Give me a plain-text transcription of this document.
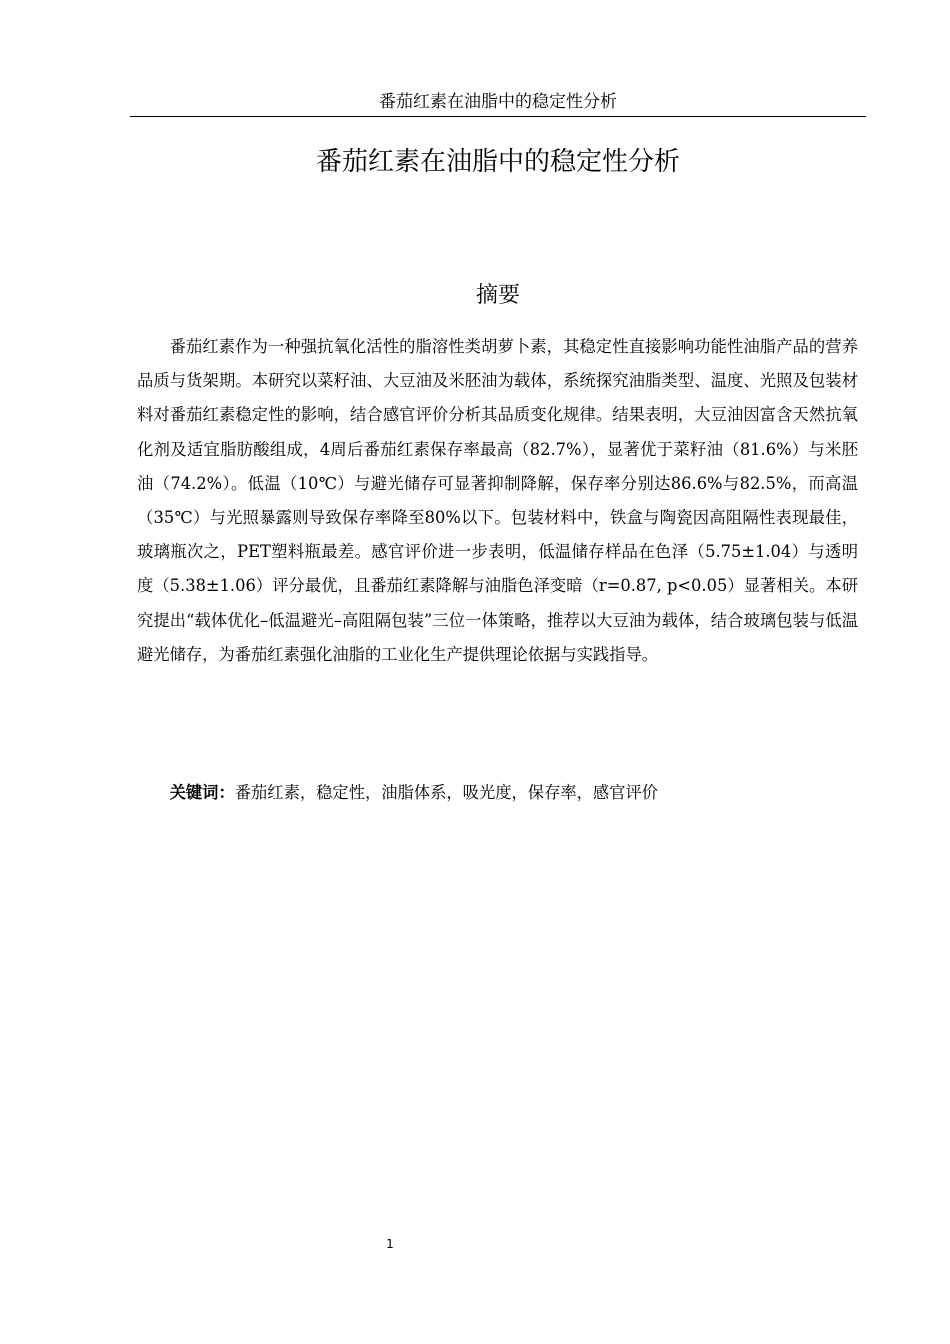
番茄红素在油脂中的稳定性分析
番茄红素在油脂中的稳定性分析
摘要

番茄红素作为一种强抗氧化活性的脂溶性类胡萝卜素，其稳定性直接影响功能性油脂产品的营养品质与货架期。本研究以菜籽油、大豆油及米胚油为载体，系统探究油脂类型、温度、光照及包装材料对番茄红素稳定性的影响，结合感官评价分析其品质变化规律。结果表明，大豆油因富含天然抗氧化剂及适宜脂肪酸组成，4周后番茄红素保存率最高（82.7%），显著优于菜籽油（81.6%）与米胚油（74.2%）。低温（10℃）与避光储存可显著抑制降解，保存率分别达86.6%与82.5%，而高温（35℃）与光照暴露则导致保存率降至80%以下。包装材料中，铁盒与陶瓷因高阻隔性表现最佳，玻璃瓶次之，PET塑料瓶最差。感官评价进一步表明，低温储存样品在色泽（5.75±1.04）与透明度（5.38±1.06）评分最优，且番茄红素降解与油脂色泽变暗（r=0.87, p<0.05）显著相关。本研究提出“载体优化–低温避光–高阻隔包装”三位一体策略，推荐以大豆油为载体，结合玻璃包装与低温避光储存，为番茄红素强化油脂的工业化生产提供理论依据与实践指导。

关键词：番茄红素，稳定性，油脂体系，吸光度，保存率，感官评价

1
